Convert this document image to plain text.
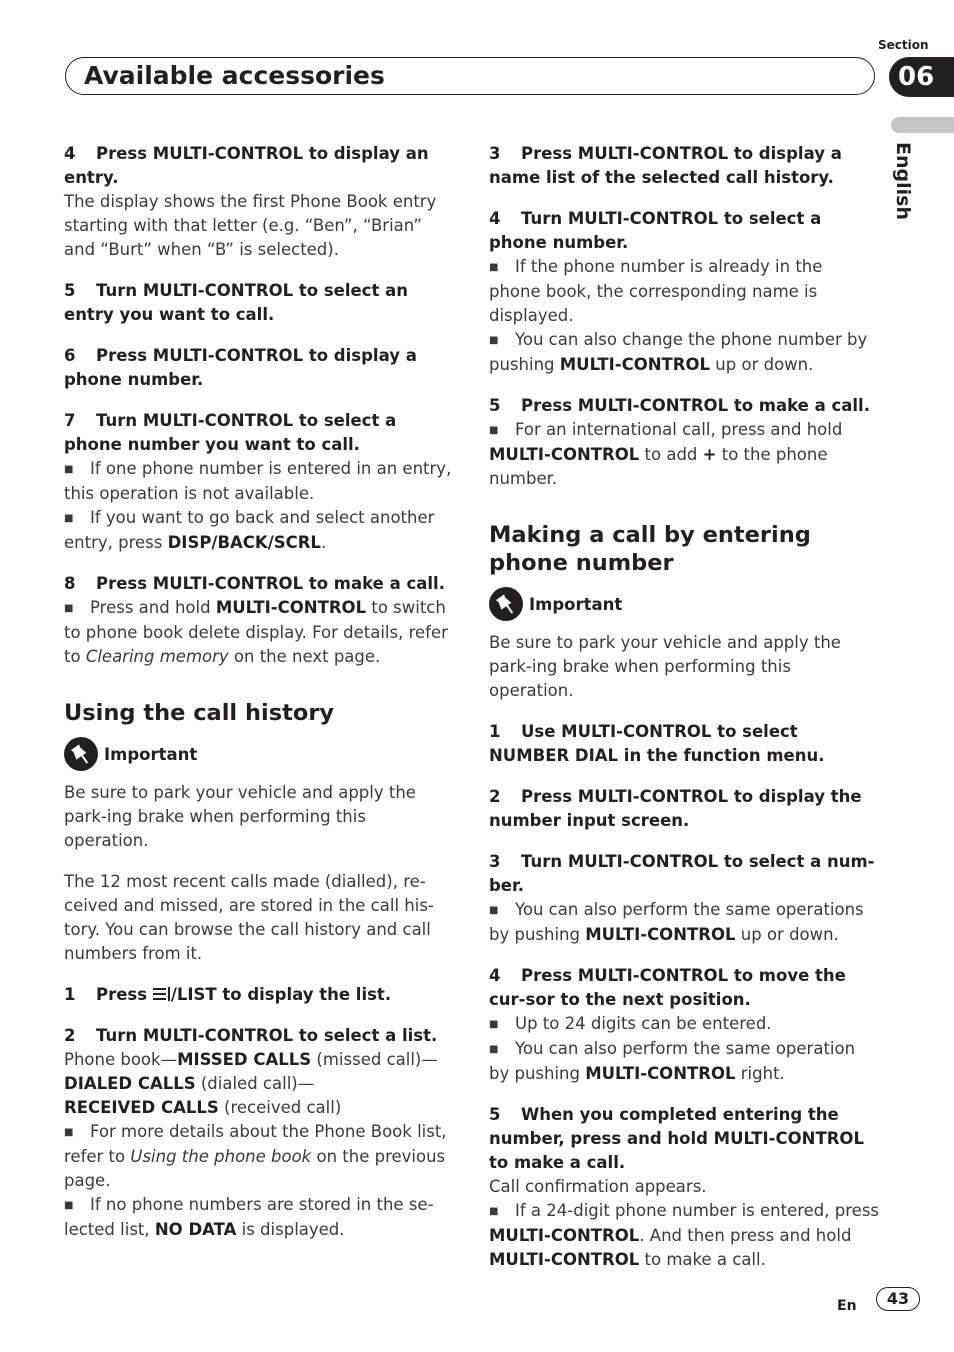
Section
06
Available accessories
English

4 Press MULTI-CONTROL to display an entry.

The display shows the first Phone Book entry starting with that letter (e.g. “Ben”, “Brian” and “Burt” when “B” is selected).

5 Turn MULTI-CONTROL to select an entry you want to call.

6 Press MULTI-CONTROL to display a phone number.

7 Turn MULTI-CONTROL to select a phone number you want to call.

■ If one phone number is entered in an entry, this operation is not available.

■ If you want to go back and select another entry, press DISP/BACK/SCRL.

8 Press MULTI-CONTROL to make a call.

■ Press and hold MULTI-CONTROL to switch to phone book delete display. For details, refer to Clearing memory on the next page.

Using the call history
Important

Be sure to park your vehicle and apply the park-ing brake when performing this operation.

The 12 most recent calls made (dialled), re-ceived and missed, are stored in the call his-tory. You can browse the call history and call numbers from it.

1 Press /LIST to display the list.

2 Turn MULTI-CONTROL to select a list.

Phone book—MISSED CALLS (missed call)—

DIALED CALLS (dialed call)—

RECEIVED CALLS (received call)

■ For more details about the Phone Book list, refer to Using the phone book on the previous page.

■ If no phone numbers are stored in the se-lected list, NO DATA is displayed.

3 Press MULTI-CONTROL to display a name list of the selected call history.

4 Turn MULTI-CONTROL to select a phone number.

■ If the phone number is already in the phone book, the corresponding name is displayed.

■ You can also change the phone number by pushing MULTI-CONTROL up or down.

5 Press MULTI-CONTROL to make a call.

■ For an international call, press and hold MULTI-CONTROL to add + to the phone number.

Making a call by entering phone number
Important

Be sure to park your vehicle and apply the park-ing brake when performing this operation.

1 Use MULTI-CONTROL to select NUMBER DIAL in the function menu.

2 Press MULTI-CONTROL to display the number input screen.

3 Turn MULTI-CONTROL to select a num-ber.

■ You can also perform the same operations by pushing MULTI-CONTROL up or down.

4 Press MULTI-CONTROL to move the cur-sor to the next position.

■ Up to 24 digits can be entered.

■ You can also perform the same operation by pushing MULTI-CONTROL right.

5 When you completed entering the number, press and hold MULTI-CONTROL to make a call.

Call confirmation appears.

■ If a 24-digit phone number is entered, press MULTI-CONTROL. And then press and hold MULTI-CONTROL to make a call.

En	43
